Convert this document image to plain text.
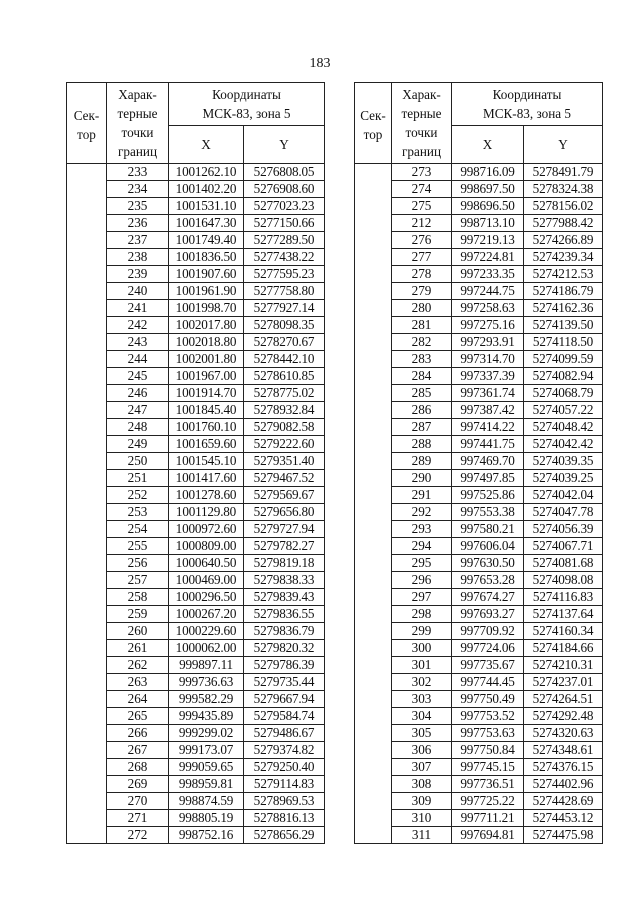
183
Сек-тор	Харак-терные точки границ	Координаты МСК-83, зона 5	
		X	Y
	233	1001262.10	5276808.05
	234	1001402.20	5276908.60
	235	1001531.10	5277023.23
	236	1001647.30	5277150.66
	237	1001749.40	5277289.50
	238	1001836.50	5277438.22
	239	1001907.60	5277595.23
	240	1001961.90	5277758.80
	241	1001998.70	5277927.14
	242	1002017.80	5278098.35
	243	1002018.80	5278270.67
	244	1002001.80	5278442.10
	245	1001967.00	5278610.85
	246	1001914.70	5278775.02
	247	1001845.40	5278932.84
	248	1001760.10	5279082.58
	249	1001659.60	5279222.60
	250	1001545.10	5279351.40
	251	1001417.60	5279467.52
	252	1001278.60	5279569.67
	253	1001129.80	5279656.80
	254	1000972.60	5279727.94
	255	1000809.00	5279782.27
	256	1000640.50	5279819.18
	257	1000469.00	5279838.33
	258	1000296.50	5279839.43
	259	1000267.20	5279836.55
	260	1000229.60	5279836.79
	261	1000062.00	5279820.32
	262	999897.11	5279786.39
	263	999736.63	5279735.44
	264	999582.29	5279667.94
	265	999435.89	5279584.74
	266	999299.02	5279486.67
	267	999173.07	5279374.82
	268	999059.65	5279250.40
	269	998959.81	5279114.83
	270	998874.59	5278969.53
	271	998805.19	5278816.13
	272	998752.16	5278656.29
Сек-тор	Харак-терные точки границ	Координаты МСК-83, зона 5	
		X	Y
	273	998716.09	5278491.79
	274	998697.50	5278324.38
	275	998696.50	5278156.02
	212	998713.10	5277988.42
	276	997219.13	5274266.89
	277	997224.81	5274239.34
	278	997233.35	5274212.53
	279	997244.75	5274186.79
	280	997258.63	5274162.36
	281	997275.16	5274139.50
	282	997293.91	5274118.50
	283	997314.70	5274099.59
	284	997337.39	5274082.94
	285	997361.74	5274068.79
	286	997387.42	5274057.22
	287	997414.22	5274048.42
	288	997441.75	5274042.42
	289	997469.70	5274039.35
	290	997497.85	5274039.25
	291	997525.86	5274042.04
	292	997553.38	5274047.78
	293	997580.21	5274056.39
	294	997606.04	5274067.71
	295	997630.50	5274081.68
	296	997653.28	5274098.08
	297	997674.27	5274116.83
	298	997693.27	5274137.64
	299	997709.92	5274160.34
	300	997724.06	5274184.66
	301	997735.67	5274210.31
	302	997744.45	5274237.01
	303	997750.49	5274264.51
	304	997753.52	5274292.48
	305	997753.63	5274320.63
	306	997750.84	5274348.61
	307	997745.15	5274376.15
	308	997736.51	5274402.96
	309	997725.22	5274428.69
	310	997711.21	5274453.12
	311	997694.81	5274475.98
